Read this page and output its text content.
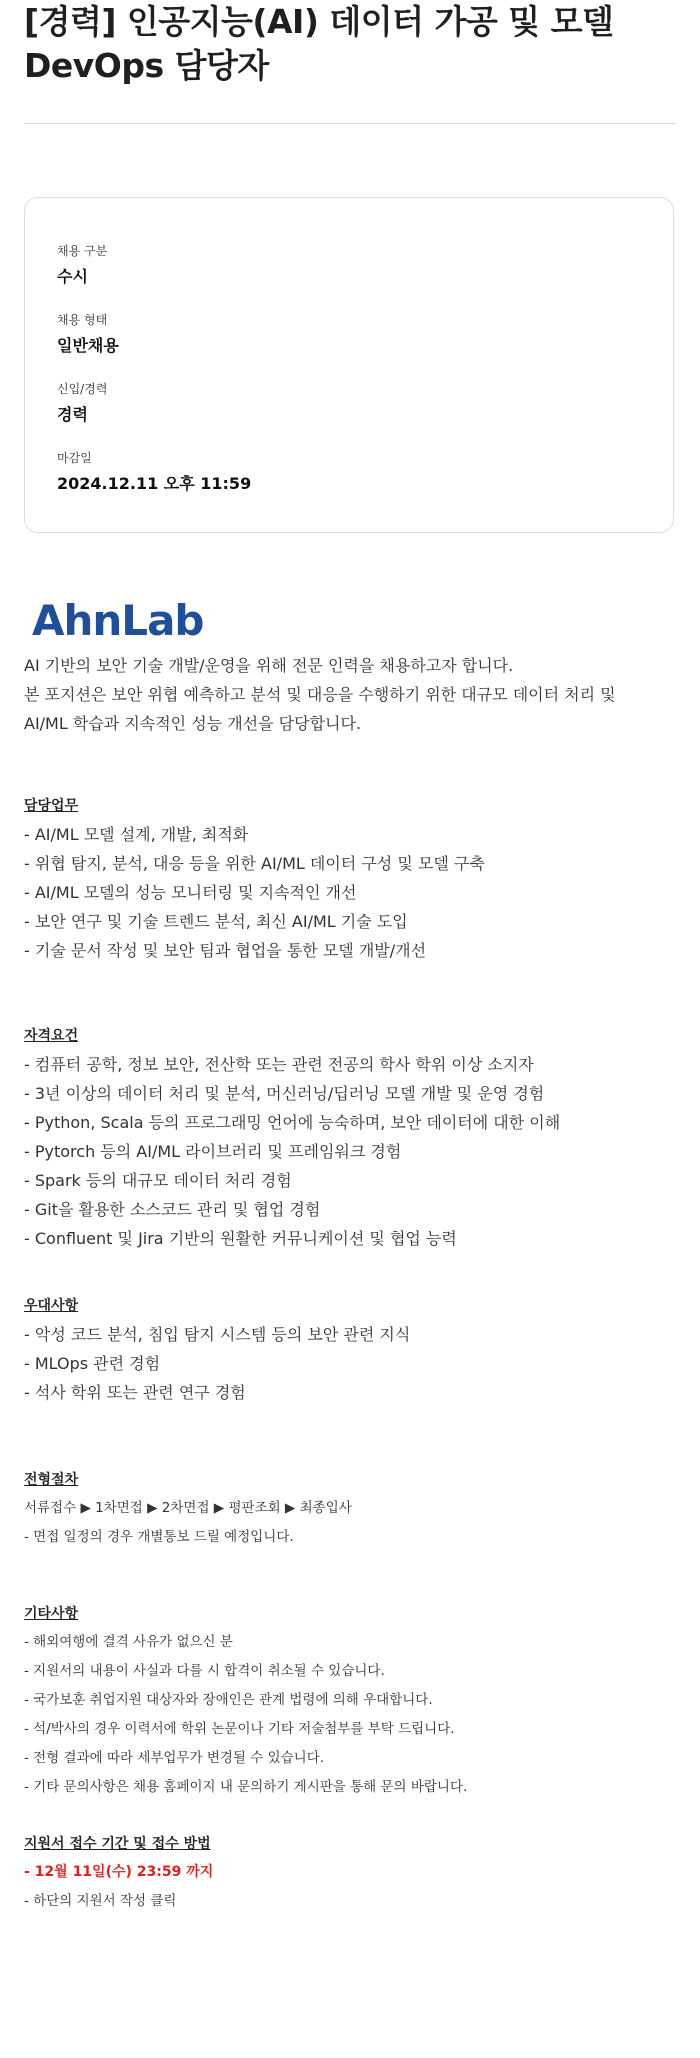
[경력] 인공지능(AI) 데이터 가공 및 모델 DevOps 담당자
채용 구분
수시
채용 형태
일반채용
신입/경력
경력
마감일
2024.12.11 오후 11:59
AhnLab
AI 기반의 보안 기술 개발/운영을 위해 전문 인력을 채용하고자 합니다.
본 포지션은 보안 위협 예측하고 분석 및 대응을 수행하기 위한 대규모 데이터 처리 및
AI/ML 학습과 지속적인 성능 개선을 담당합니다.
담당업무
- AI/ML 모델 설계, 개발, 최적화
- 위협 탐지, 분석, 대응 등을 위한 AI/ML 데이터 구성 및 모델 구축
- AI/ML 모델의 성능 모니터링 및 지속적인 개선
- 보안 연구 및 기술 트렌드 분석, 최신 AI/ML 기술 도입
- 기술 문서 작성 및 보안 팀과 협업을 통한 모델 개발/개선
자격요건
- 컴퓨터 공학, 정보 보안, 전산학 또는 관련 전공의 학사 학위 이상 소지자
- 3년 이상의 데이터 처리 및 분석, 머신러닝/딥러닝 모델 개발 및 운영 경험
- Python, Scala 등의 프로그래밍 언어에 능숙하며, 보안 데이터에 대한 이해
- Pytorch 등의 AI/ML 라이브러리 및 프레임워크 경험
- Spark 등의 대규모 데이터 처리 경험
- Git을 활용한 소스코드 관리 및 협업 경험
- Confluent 및 Jira 기반의 원활한 커뮤니케이션 및 협업 능력
우대사항
- 악성 코드 분석, 침입 탐지 시스템 등의 보안 관련 지식
- MLOps 관련 경험
- 석사 학위 또는 관련 연구 경험
전형절차
서류접수 ▶ 1차면접 ▶ 2차면접 ▶ 평판조회 ▶ 최종입사
- 면접 일정의 경우 개별통보 드릴 예정입니다.
기타사항
- 해외여행에 결격 사유가 없으신 분
- 지원서의 내용이 사실과 다를 시 합격이 취소될 수 있습니다.
- 국가보훈 취업지원 대상자와 장애인은 관계 법령에 의해 우대합니다.
- 석/박사의 경우 이력서에 학위 논문이나 기타 저술첨부를 부탁 드립니다.
- 전형 결과에 따라 세부업무가 변경될 수 있습니다.
- 기타 문의사항은 채용 홈페이지 내 문의하기 게시판을 통해 문의 바랍니다.
지원서 접수 기간 및 접수 방법
- 12월 11일(수) 23:59 까지
- 하단의 지원서 작성 클릭
